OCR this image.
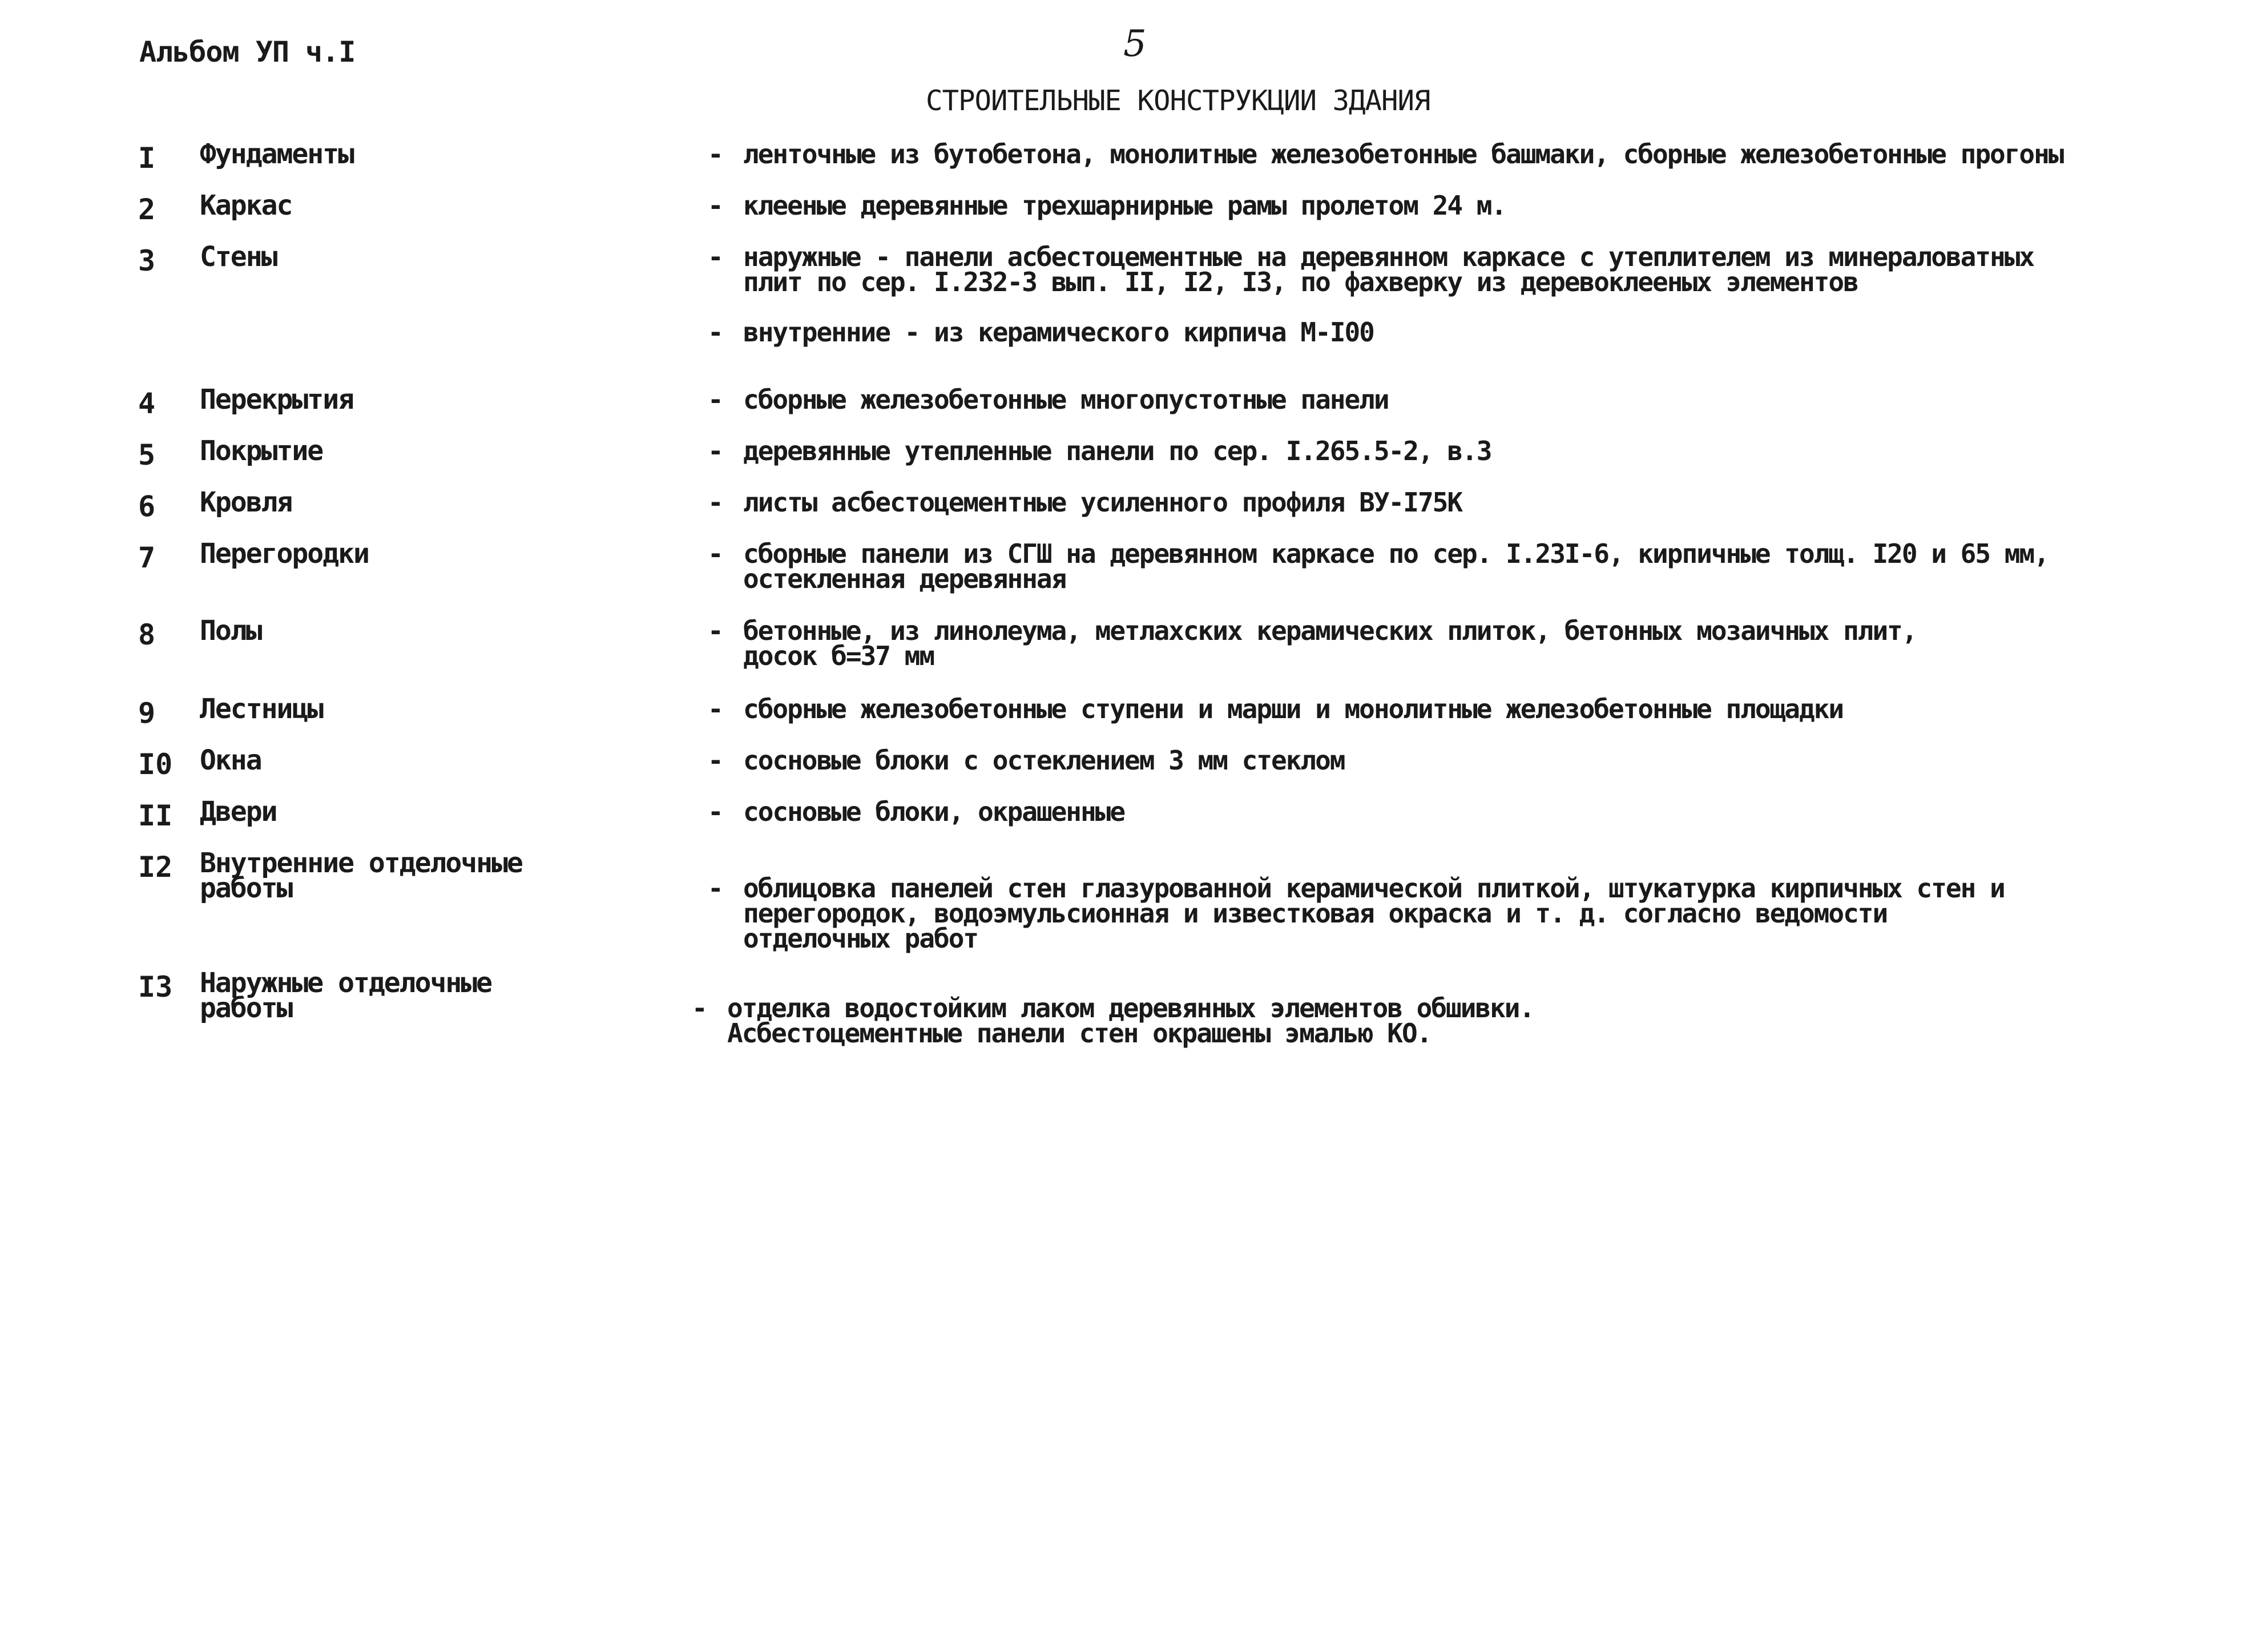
Альбом УП ч.I	5
СТРОИТЕЛЬНЫЕ КОНСТРУКЦИИ ЗДАНИЯ
I Фундаменты	- ленточные из бутобетона, монолитные железобетонные башмаки, сборные железобетонные прогоны
2 Каркас	- клееные деревянные трехшарнирные рамы пролетом 24 м.
3 Стены	- наружные - панели асбестоцементные на деревянном каркасе с утеплителем из минераловатных
плит по сер. I.232-3 вып. II, I2, I3, по фахверку из деревоклееных элементов
- внутренние - из керамического кирпича М-I00
4 Перекрытия	- сборные железобетонные многопустотные панели
5 Покрытие	- деревянные утепленные панели по сер. I.265.5-2, в.3
6 Кровля	- листы асбестоцементные усиленного профиля ВУ-I75К
7 Перегородки	- сборные панели из СГШ на деревянном каркасе по сер. I.23I-6, кирпичные толщ. I20 и 65 мм,
остекленная деревянная
8 Полы	- бетонные, из линолеума, метлахских керамических плиток, бетонных мозаичных плит,
досок б=37 мм
9 Лестницы	- сборные железобетонные ступени и марши и монолитные железобетонные площадки
I0 Окна	- сосновые блоки с остеклением 3 мм стеклом
II Двери	- сосновые блоки, окрашенные
I2 Внутренние отделочные
работы	- облицовка панелей стен глазурованной керамической плиткой, штукатурка кирпичных стен и
перегородок, водоэмульсионная и известковая окраска и т. д. согласно ведомости
отделочных работ
I3 Наружные отделочные
работы	- отделка водостойким лаком деревянных элементов обшивки.
Асбестоцементные панели стен окрашены эмалью КО.
